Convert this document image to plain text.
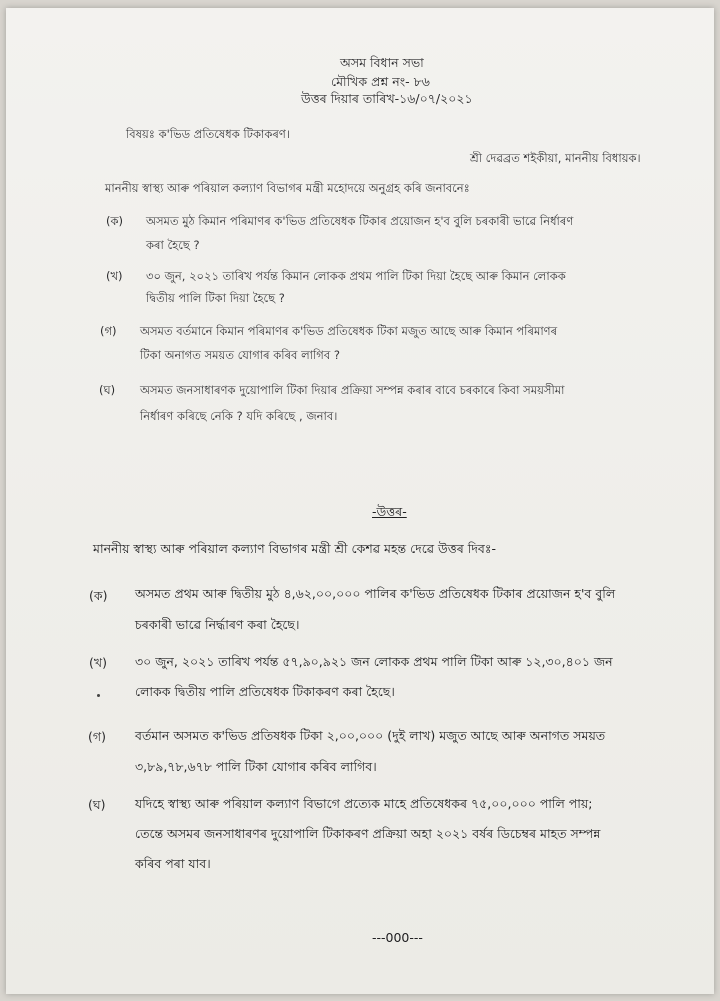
অসম বিধান সভা
মৌখিক প্ৰশ্ন নং- ৮৬
উত্তৰ দিয়াৰ তাৰিখ-১৬/০৭/২০২১
বিষয়ঃ ক'ভিড প্ৰতিষেধক টিকাকৰণ।
শ্ৰী দেৱব্ৰত শইকীয়া, মাননীয় বিধায়ক।
মাননীয় স্বাস্থ্য আৰু পৰিয়াল কল্যাণ বিভাগৰ মন্ত্ৰী মহোদয়ে অনুগ্ৰহ কৰি জনাবনেঃ
(ক) অসমত মুঠ কিমান পৰিমাণৰ ক'ভিড প্ৰতিষেধক টিকাৰ প্ৰয়োজন হ'ব বুলি চৰকাৰী ভাৱে নিৰ্ধাৰণ
কৰা হৈছে ?
(খ) ৩০ জুন, ২০২১ তাৰিখ পৰ্যন্ত কিমান লোকক প্ৰথম পালি টিকা দিয়া হৈছে আৰু কিমান লোকক
দ্বিতীয় পালি টিকা দিয়া হৈছে ?
(গ) অসমত বৰ্তমানে কিমান পৰিমাণৰ ক'ভিড প্ৰতিষেধক টিকা মজুত আছে আৰু কিমান পৰিমাণৰ
টিকা অনাগত সময়ত যোগাৰ কৰিব লাগিব ?
(ঘ) অসমত জনসাধাৰণক দুয়োপালি টিকা দিয়াৰ প্ৰক্ৰিয়া সম্পন্ন কৰাৰ বাবে চৰকাৰে কিবা সময়সীমা
নিৰ্ধাৰণ কৰিছে নেকি ? যদি কৰিছে , জনাব।
-উত্তৰ-
মাননীয় স্বাস্থ্য আৰু পৰিয়াল কল্যাণ বিভাগৰ মন্ত্ৰী শ্ৰী কেশৱ মহন্ত দেৱে উত্তৰ দিবঃ-
(ক) অসমত প্ৰথম আৰু দ্বিতীয় মুঠ ৪,৬২,০০,০০০ পালিৰ ক'ভিড প্ৰতিষেধক টিকাৰ প্ৰয়োজন হ'ব বুলি
চৰকাৰী ভাৱে নিৰ্দ্ধাৰণ কৰা হৈছে।
(খ) ৩০ জুন, ২০২১ তাৰিখ পৰ্যন্ত ৫৭,৯০,৯২১ জন লোকক প্ৰথম পালি টিকা আৰু ১২,৩০,৪০১ জন
লোকক দ্বিতীয় পালি প্ৰতিষেধক টিকাকৰণ কৰা হৈছে।
(গ) বৰ্তমান অসমত ক'ভিড প্ৰতিষধক টিকা ২,০০,০০০ (দুই লাখ) মজুত আছে আৰু অনাগত সময়ত
৩,৮৯,৭৮,৬৭৮ পালি টিকা যোগাৰ কৰিব লাগিব।
(ঘ) যদিহে স্বাস্থ্য আৰু পৰিয়াল কল্যাণ বিভাগে প্ৰত্যেক মাহে প্ৰতিষেধকৰ ৭৫,০০,০০০ পালি পায়;
তেন্তে অসমৰ জনসাধাৰণৰ দুয়োপালি টিকাকৰণ প্ৰক্ৰিয়া অহা ২০২১ বৰ্ষৰ ডিচেম্বৰ মাহত সম্পন্ন
কৰিব পৰা যাব।
---000---
